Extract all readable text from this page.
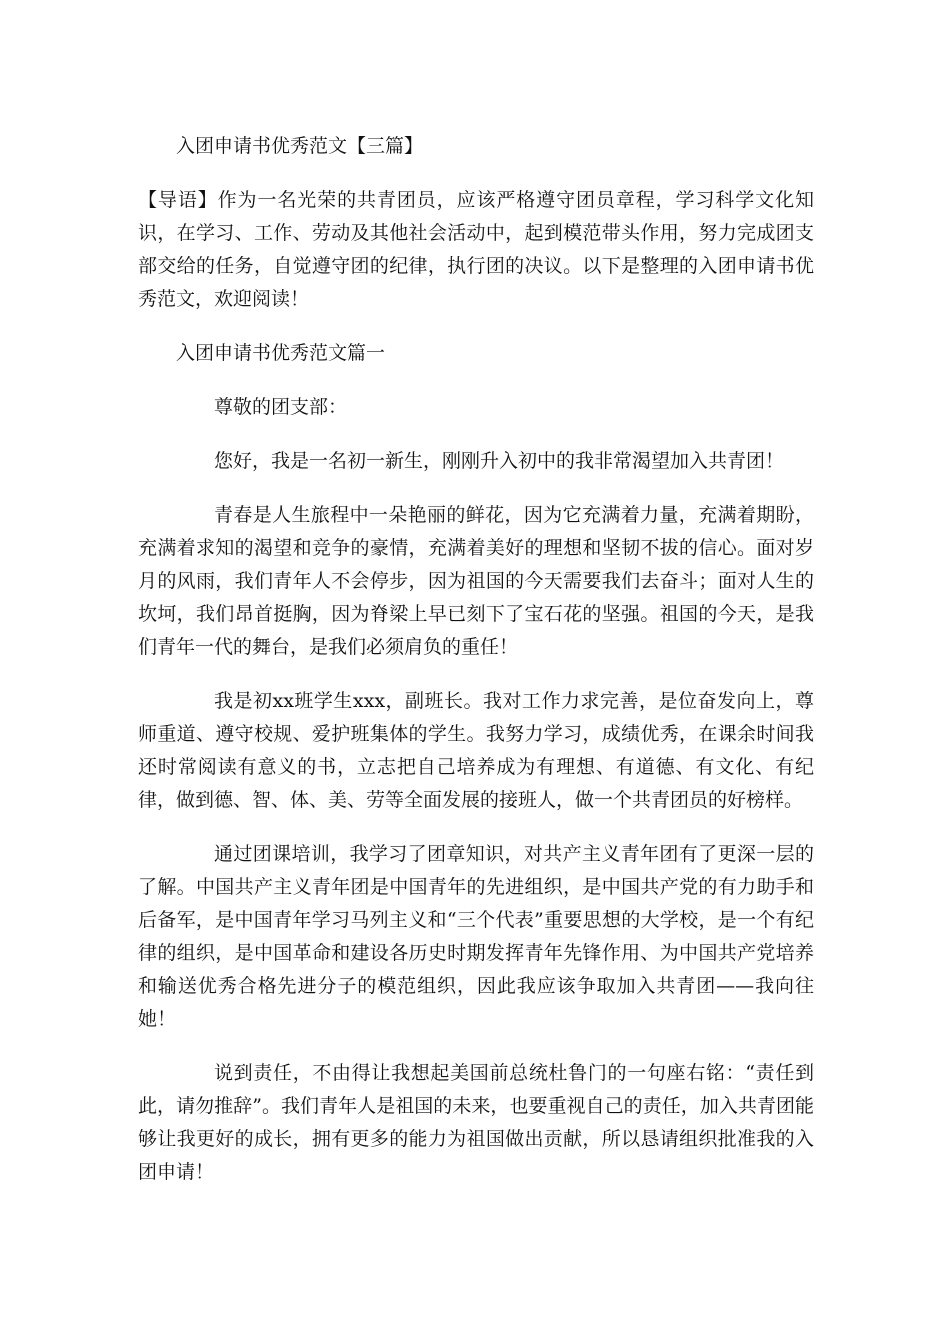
入团申请书优秀范文【三篇】

【导语】作为一名光荣的共青团员，应该严格遵守团员章程，学习科学文化知识，在学习、工作、劳动及其他社会活动中，起到模范带头作用，努力完成团支部交给的任务，自觉遵守团的纪律，执行团的决议。以下是整理的入团申请书优秀范文，欢迎阅读！

入团申请书优秀范文篇一

尊敬的团支部：

您好，我是一名初一新生，刚刚升入初中的我非常渴望加入共青团！

青春是人生旅程中一朵艳丽的鲜花，因为它充满着力量，充满着期盼，充满着求知的渴望和竞争的豪情，充满着美好的理想和坚韧不拔的信心。面对岁月的风雨，我们青年人不会停步，因为祖国的今天需要我们去奋斗；面对人生的坎坷，我们昂首挺胸，因为脊梁上早已刻下了宝石花的坚强。祖国的今天，是我们青年一代的舞台，是我们必须肩负的重任！

我是初xx班学生xxx，副班长。我对工作力求完善，是位奋发向上，尊师重道、遵守校规、爱护班集体的学生。我努力学习，成绩优秀，在课余时间我还时常阅读有意义的书，立志把自己培养成为有理想、有道德、有文化、有纪律，做到德、智、体、美、劳等全面发展的接班人，做一个共青团员的好榜样。

通过团课培训，我学习了团章知识，对共产主义青年团有了更深一层的了解。中国共产主义青年团是中国青年的先进组织，是中国共产党的有力助手和后备军，是中国青年学习马列主义和“三个代表”重要思想的大学校，是一个有纪律的组织，是中国革命和建设各历史时期发挥青年先锋作用、为中国共产党培养和输送优秀合格先进分子的模范组织，因此我应该争取加入共青团——我向往她！

说到责任，不由得让我想起美国前总统杜鲁门的一句座右铭：“责任到此，请勿推辞”。我们青年人是祖国的未来，也要重视自己的责任，加入共青团能够让我更好的成长，拥有更多的能力为祖国做出贡献，所以恳请组织批准我的入团申请！
